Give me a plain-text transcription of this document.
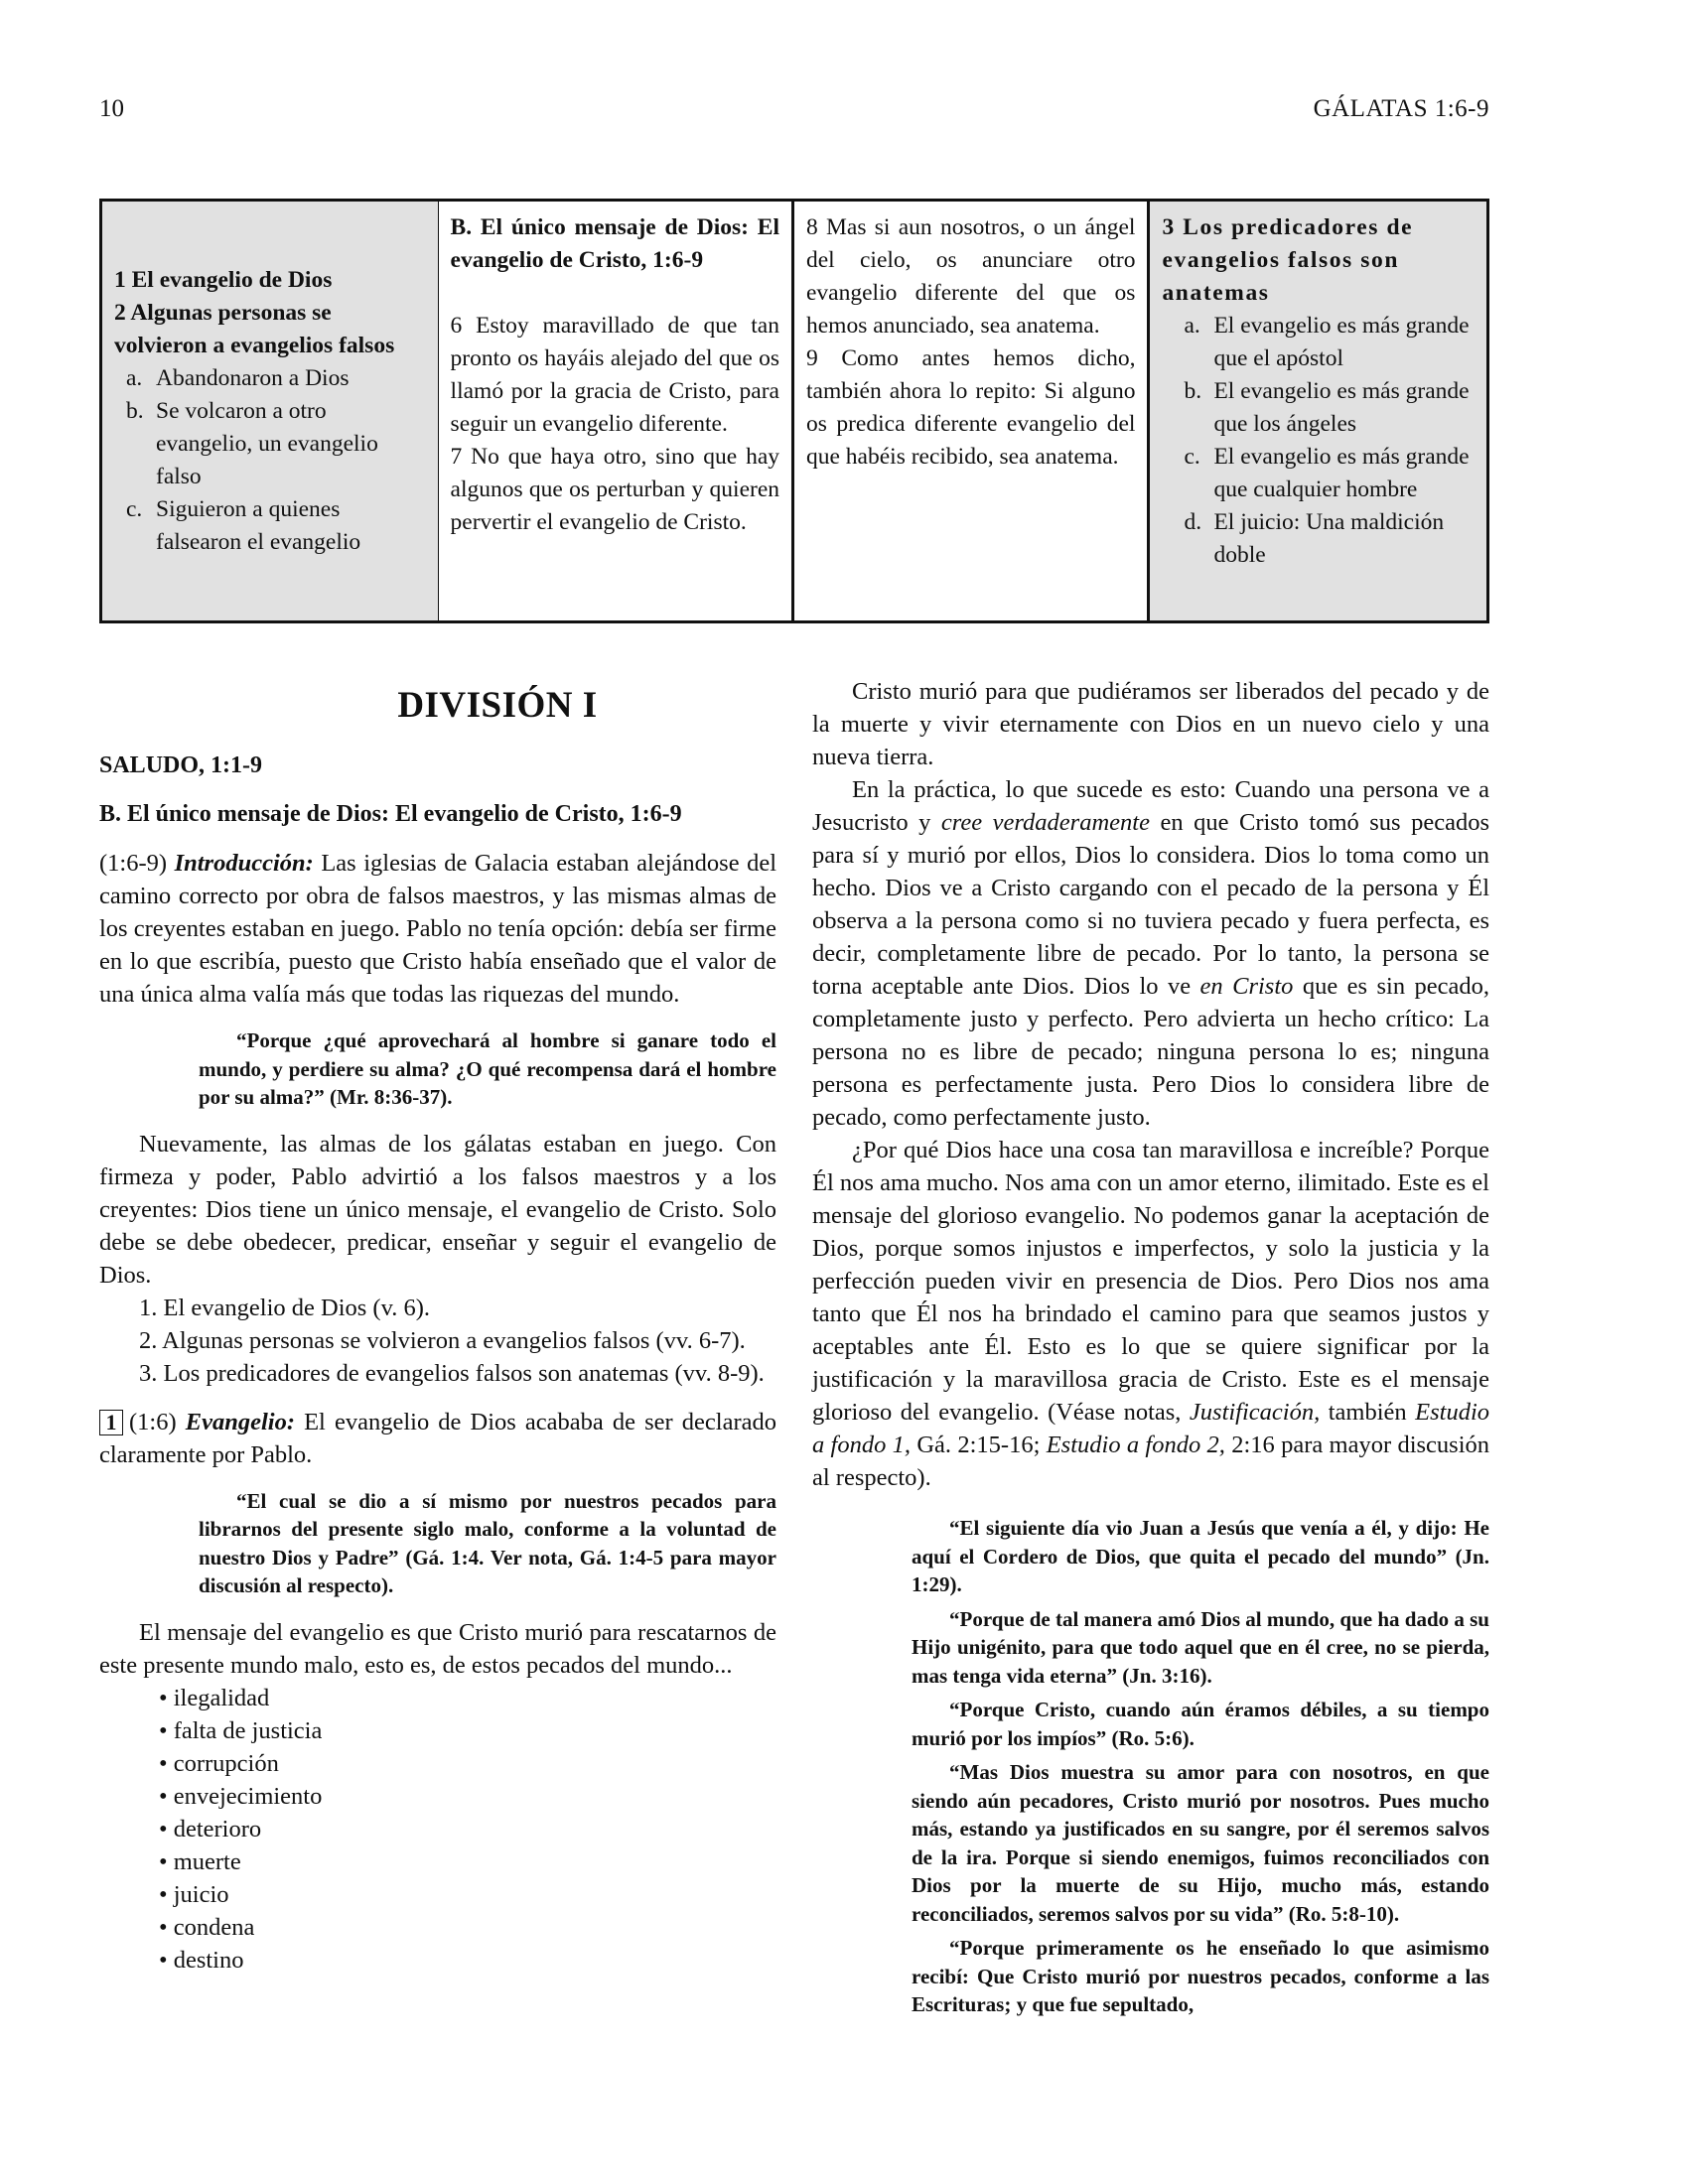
10	GÁLATAS 1:6-9
1 El evangelio de Dios
2 Algunas personas se volvieron a evangelios falsos
a. Abandonaron a Dios
b. Se volcaron a otro evangelio, un evangelio falso
c. Siguieron a quienes falsearon el evangelio
B. El único mensaje de Dios: El evangelio de Cristo, 1:6-9
6 Estoy maravillado de que tan pronto os hayáis alejado del que os llamó por la gracia de Cristo, para seguir un evangelio diferente.
7 No que haya otro, sino que hay algunos que os perturban y quieren pervertir el evangelio de Cristo.
8 Mas si aun nosotros, o un ángel del cielo, os anunciare otro evangelio diferente del que os hemos anunciado, sea anatema.
9 Como antes hemos dicho, también ahora lo repito: Si alguno os predica diferente evangelio del que habéis recibido, sea anatema.
3 Los predicadores de evangelios falsos son anatemas
a. El evangelio es más grande que el apóstol
b. El evangelio es más grande que los ángeles
c. El evangelio es más grande que cualquier hombre
d. El juicio: Una maldición doble
DIVISIÓN I
SALUDO, 1:1-9
B. El único mensaje de Dios: El evangelio de Cristo, 1:6-9

(1:6-9) Introducción: Las iglesias de Galacia estaban alejándose del camino correcto por obra de falsos maestros, y las mismas almas de los creyentes estaban en juego. Pablo no tenía opción: debía ser firme en lo que escribía, puesto que Cristo había enseñado que el valor de una única alma valía más que todas las riquezas del mundo.

“Porque ¿qué aprovechará al hombre si ganare todo el mundo, y perdiere su alma? ¿O qué recompensa dará el hombre por su alma?” (Mr. 8:36-37).

Nuevamente, las almas de los gálatas estaban en juego. Con firmeza y poder, Pablo advirtió a los falsos maestros y a los creyentes: Dios tiene un único mensaje, el evangelio de Cristo. Solo debe se debe obedecer, predicar, enseñar y seguir el evangelio de Dios.

1. El evangelio de Dios (v. 6).
2. Algunas personas se volvieron a evangelios falsos (vv. 6-7).
3. Los predicadores de evangelios falsos son anatemas (vv. 8-9).

1 (1:6) Evangelio: El evangelio de Dios acababa de ser declarado claramente por Pablo.

“El cual se dio a sí mismo por nuestros pecados para librarnos del presente siglo malo, conforme a la voluntad de nuestro Dios y Padre” (Gá. 1:4. Ver nota, Gá. 1:4-5 para mayor discusión al respecto).

El mensaje del evangelio es que Cristo murió para rescatarnos de este presente mundo malo, esto es, de estos pecados del mundo...

• ilegalidad
• falta de justicia
• corrupción
• envejecimiento
• deterioro
• muerte
• juicio
• condena
• destino

Cristo murió para que pudiéramos ser liberados del pecado y de la muerte y vivir eternamente con Dios en un nuevo cielo y una nueva tierra.

En la práctica, lo que sucede es esto: Cuando una persona ve a Jesucristo y cree verdaderamente en que Cristo tomó sus pecados para sí y murió por ellos, Dios lo considera. Dios lo toma como un hecho. Dios ve a Cristo cargando con el pecado de la persona y Él observa a la persona como si no tuviera pecado y fuera perfecta, es decir, completamente libre de pecado. Por lo tanto, la persona se torna aceptable ante Dios. Dios lo ve en Cristo que es sin pecado, completamente justo y perfecto. Pero advierta un hecho crítico: La persona no es libre de pecado; ninguna persona lo es; ninguna persona es perfectamente justa. Pero Dios lo considera libre de pecado, como perfectamente justo.

¿Por qué Dios hace una cosa tan maravillosa e increíble? Porque Él nos ama mucho. Nos ama con un amor eterno, ilimitado. Este es el mensaje del glorioso evangelio. No podemos ganar la aceptación de Dios, porque somos injustos e imperfectos, y solo la justicia y la perfección pueden vivir en presencia de Dios. Pero Dios nos ama tanto que Él nos ha brindado el camino para que seamos justos y aceptables ante Él. Esto es lo que se quiere significar por la justificación y la maravillosa gracia de Cristo. Este es el mensaje glorioso del evangelio. (Véase notas, Justificación, también Estudio a fondo 1, Gá. 2:15-16; Estudio a fondo 2, 2:16 para mayor discusión al respecto).

“El siguiente día vio Juan a Jesús que venía a él, y dijo: He aquí el Cordero de Dios, que quita el pecado del mundo” (Jn. 1:29).
“Porque de tal manera amó Dios al mundo, que ha dado a su Hijo unigénito, para que todo aquel que en él cree, no se pierda, mas tenga vida eterna” (Jn. 3:16).
“Porque Cristo, cuando aún éramos débiles, a su tiempo murió por los impíos” (Ro. 5:6).
“Mas Dios muestra su amor para con nosotros, en que siendo aún pecadores, Cristo murió por nosotros. Pues mucho más, estando ya justificados en su sangre, por él seremos salvos de la ira. Porque si siendo enemigos, fuimos reconciliados con Dios por la muerte de su Hijo, mucho más, estando reconciliados, seremos salvos por su vida” (Ro. 5:8-10).
“Porque primeramente os he enseñado lo que asimismo recibí: Que Cristo murió por nuestros pecados, conforme a las Escrituras; y que fue sepultado,
